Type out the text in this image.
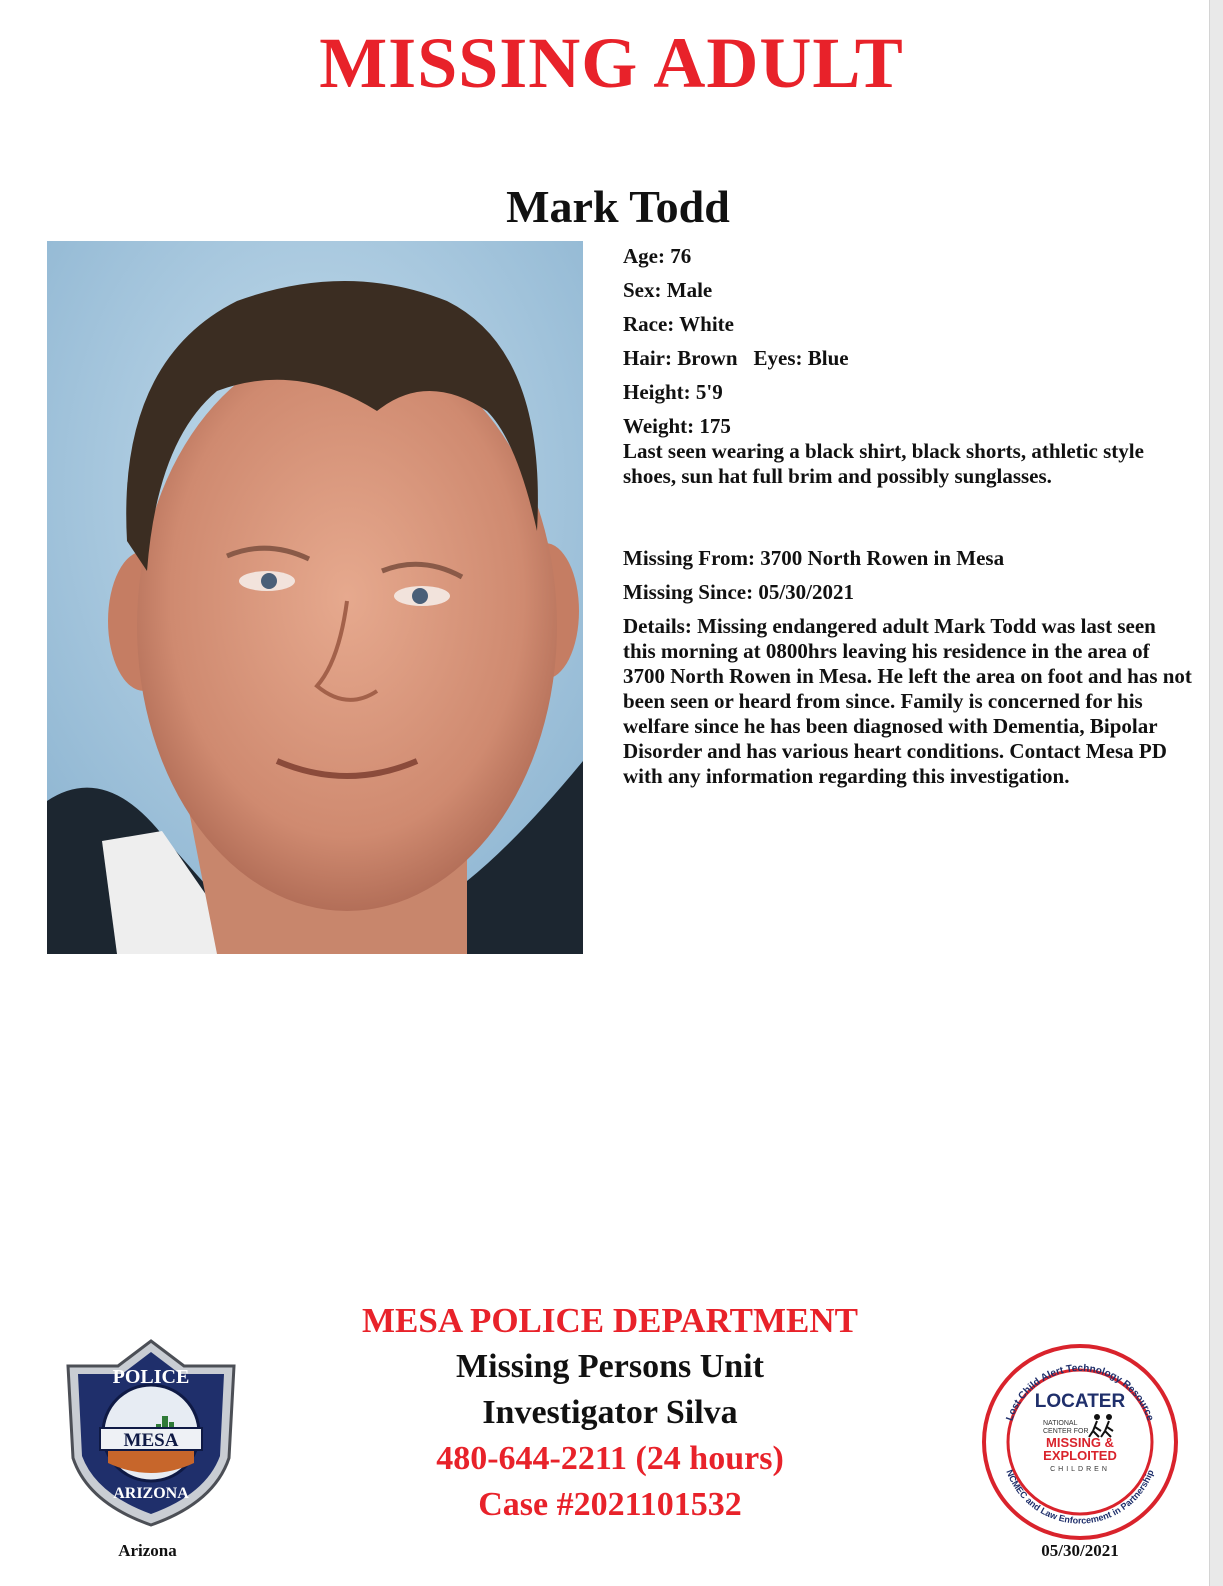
MISSING ADULT
Mark Todd
Age: 76
Sex: Male
Race: White
Hair: Brown Eyes: Blue
Height: 5'9
Weight: 175

Last seen wearing a black shirt, black shorts, athletic style shoes, sun hat full brim and possibly sunglasses.

Missing From: 3700 North Rowen in Mesa
Missing Since: 05/30/2021

Details: Missing endangered adult Mark Todd was last seen this morning at 0800hrs leaving his residence in the area of 3700 North Rowen in Mesa. He left the area on foot and has not been seen or heard from since. Family is concerned for his welfare since he has been diagnosed with Dementia, Bipolar Disorder and has various heart conditions. Contact Mesa PD with any information regarding this investigation.

MESA POLICE DEPARTMENT
Missing Persons Unit
Investigator Silva
480-644-2211 (24 hours)
Case #2021101532
POLICE
MESA
ARIZONA
Arizona
Lost Child Alert Technology Resource
NCMEC and Law Enforcement in Partnership
LOCATER
NATIONAL
CENTER FOR
MISSING &
EXPLOITED
CHILDREN
05/30/2021
